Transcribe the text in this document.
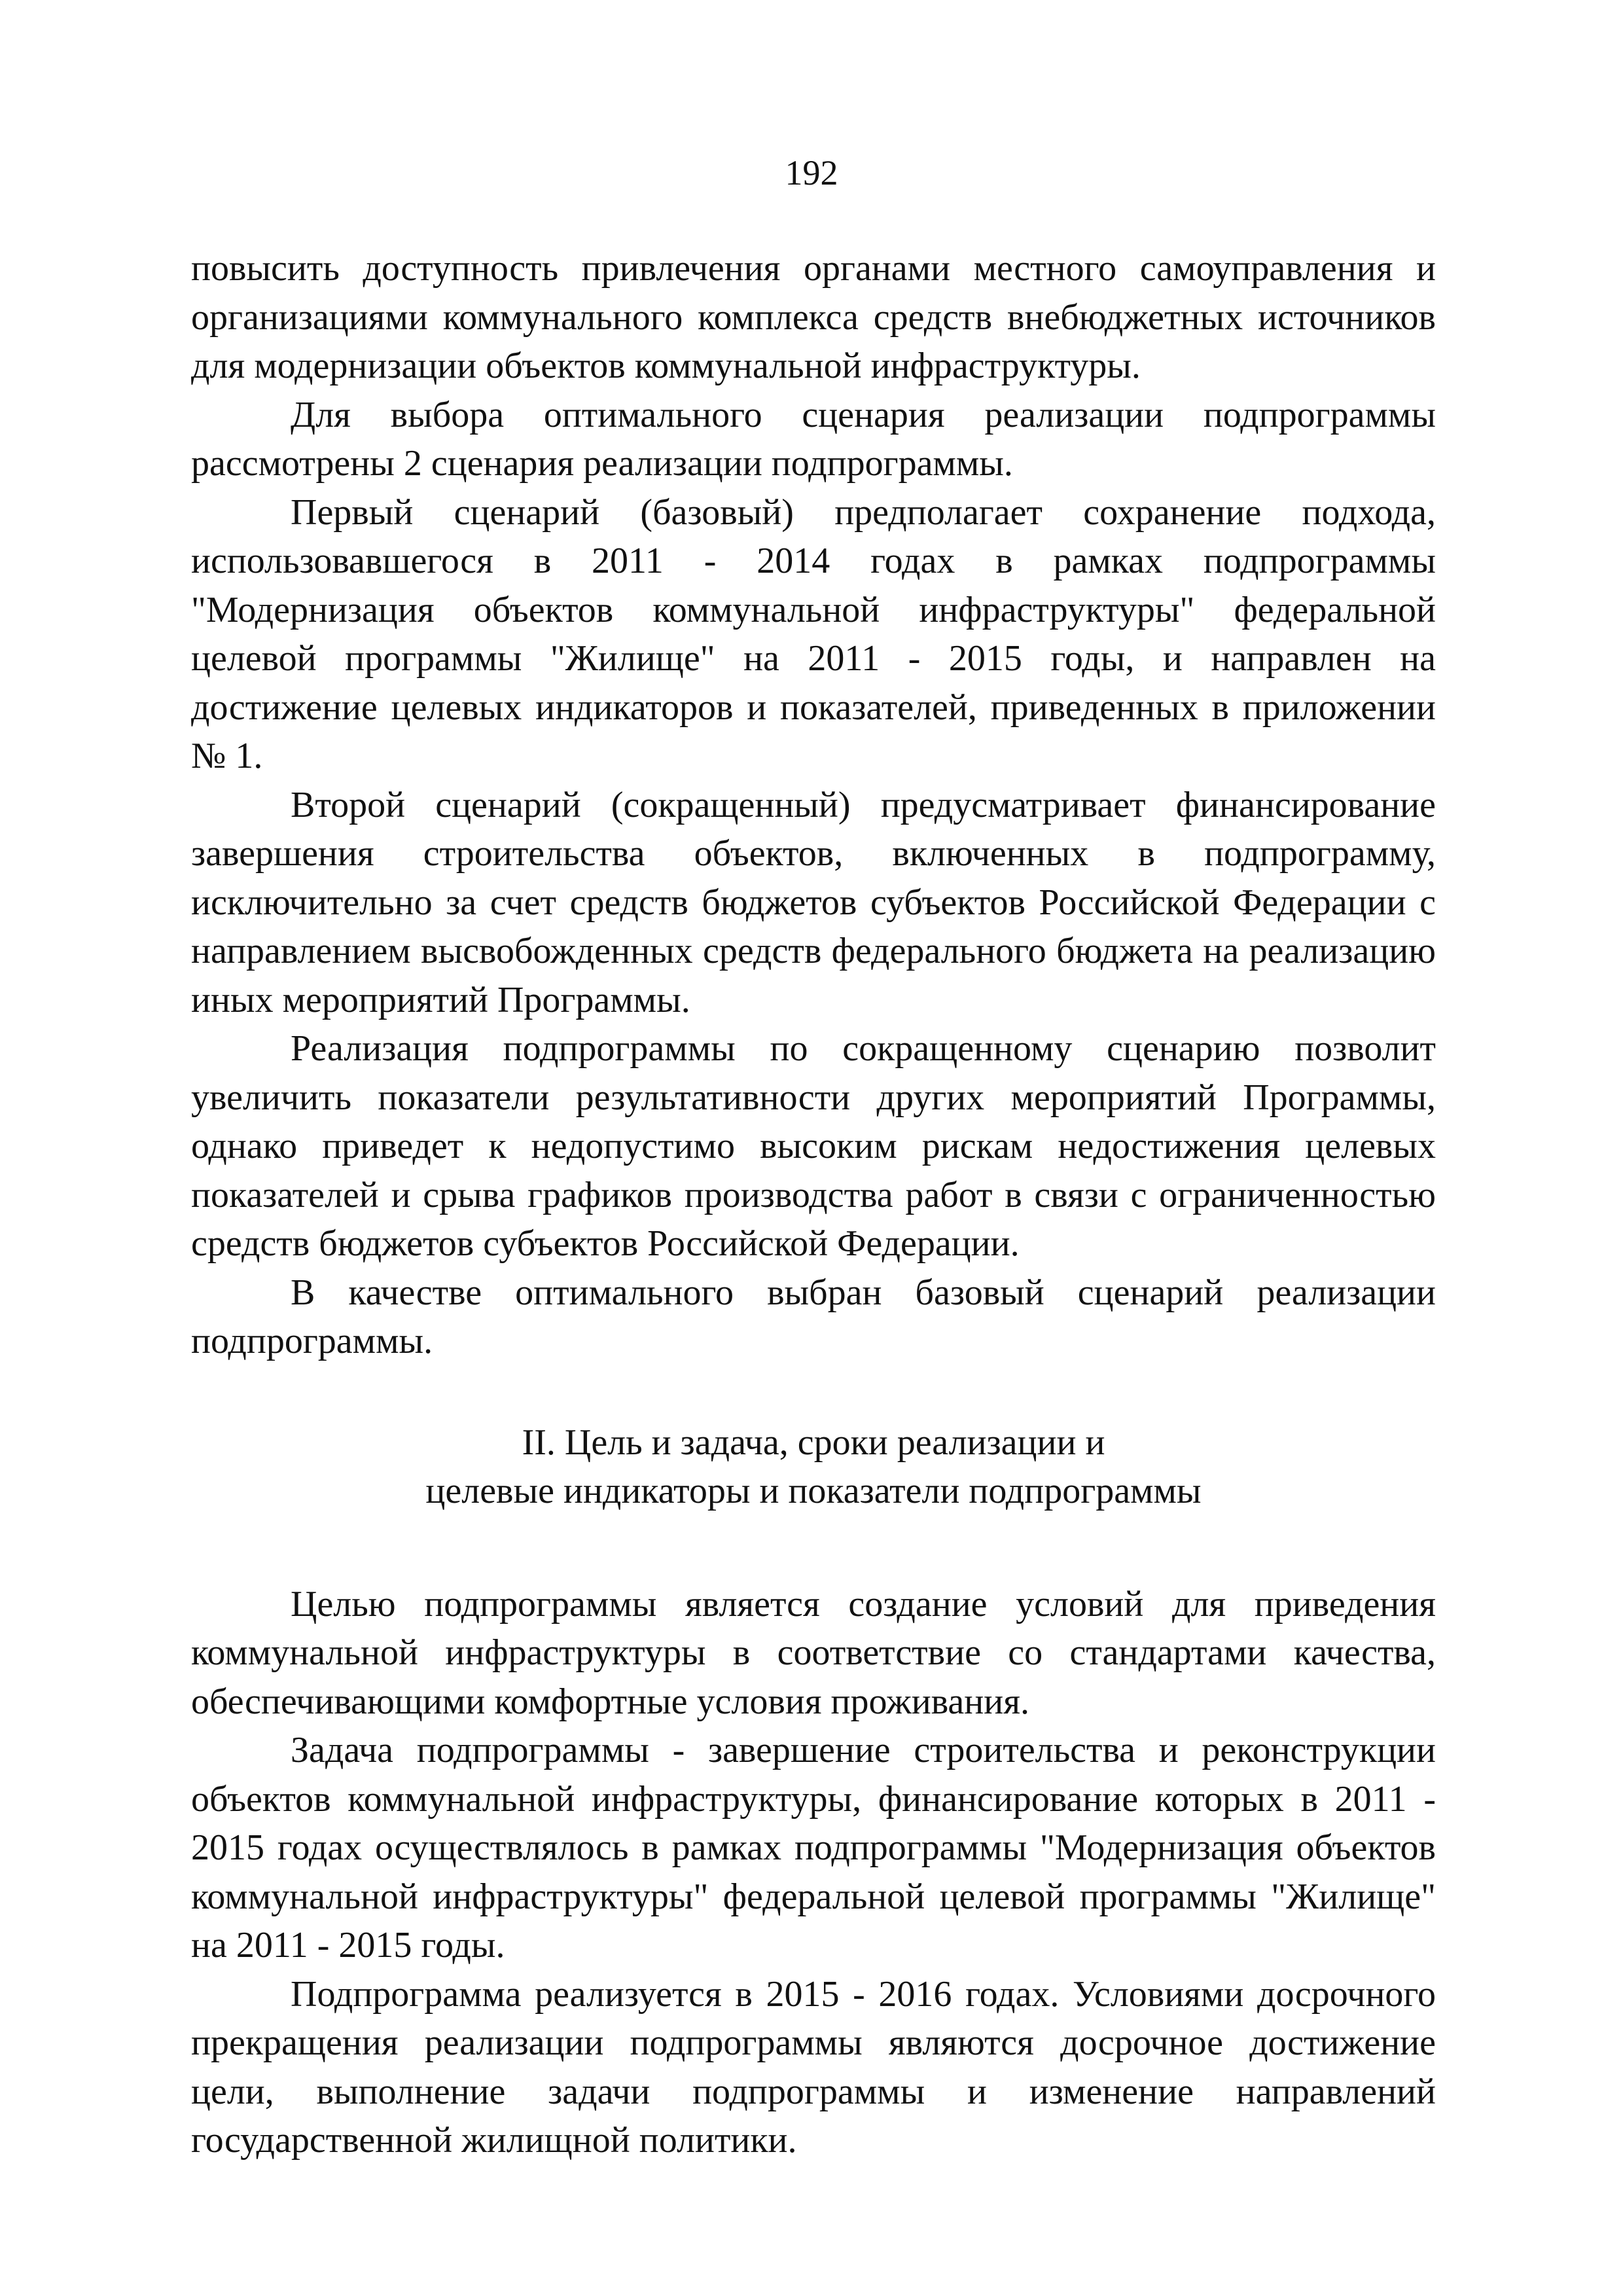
192

повысить доступность привлечения органами местного самоуправления и организациями коммунального комплекса средств внебюджетных источников для модернизации объектов коммунальной инфраструктуры.

Для выбора оптимального сценария реализации подпрограммы рассмотрены 2 сценария реализации подпрограммы.

Первый сценарий (базовый) предполагает сохранение подхода, использовавшегося в 2011 - 2014 годах в рамках подпрограммы "Модернизация объектов коммунальной инфраструктуры" федеральной целевой программы "Жилище" на 2011 - 2015 годы, и направлен на достижение целевых индикаторов и показателей, приведенных в приложении № 1.

Второй сценарий (сокращенный) предусматривает финансирование завершения строительства объектов, включенных в подпрограмму, исключительно за счет средств бюджетов субъектов Российской Федерации с направлением высвобожденных средств федерального бюджета на реализацию иных мероприятий Программы.

Реализация подпрограммы по сокращенному сценарию позволит увеличить показатели результативности других мероприятий Программы, однако приведет к недопустимо высоким рискам недостижения целевых показателей и срыва графиков производства работ в связи с ограниченностью средств бюджетов субъектов Российской Федерации.

В качестве оптимального выбран базовый сценарий реализации подпрограммы.

II. Цель и задача, сроки реализации и

целевые индикаторы и показатели подпрограммы

Целью подпрограммы является создание условий для приведения коммунальной инфраструктуры в соответствие со стандартами качества, обеспечивающими комфортные условия проживания.

Задача подпрограммы - завершение строительства и реконструкции объектов коммунальной инфраструктуры, финансирование которых в 2011 - 2015 годах осуществлялось в рамках подпрограммы "Модернизация объектов коммунальной инфраструктуры" федеральной целевой программы "Жилище" на 2011 - 2015 годы.

Подпрограмма реализуется в 2015 - 2016 годах. Условиями досрочного прекращения реализации подпрограммы являются досрочное достижение цели, выполнение задачи подпрограммы и изменение направлений государственной жилищной политики.
